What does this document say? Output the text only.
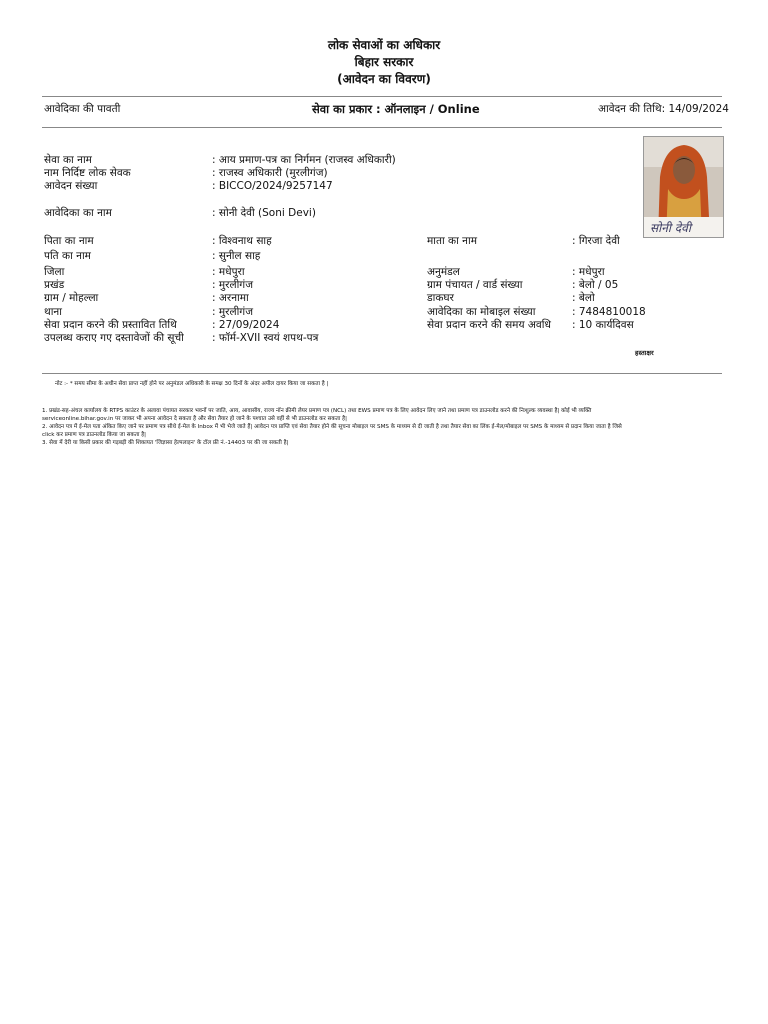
लोक सेवाओं का अधिकार
बिहार सरकार
(आवेदन का विवरण)
आवेदिका की पावती	सेवा का प्रकार : ऑनलाइन / Online	आवेदन की तिथि: 14/09/2024
सोनी देवी
सेवा का नाम	: आय प्रमाण-पत्र का निर्गमन (राजस्व अधिकारी)
नाम निर्दिष्ट लोक सेवक	: राजस्व अधिकारी (मुरलीगंज)
आवेदन संख्या	: BICCO/2024/9257147
आवेदिका का नाम	: सोनी देवी (Soni Devi)
पिता का नाम	: विश्वनाथ साह	माता का नाम	: गिरजा देवी
पति का नाम	: सुनील साह
जिला	: मधेपुरा	अनुमंडल	: मधेपुरा
प्रखंड	: मुरलीगंज	ग्राम पंचायत / वार्ड संख्या	: बेलो / 05
ग्राम / मोहल्ला	: अरनामा	डाकघर	: बेलो
थाना	: मुरलीगंज	आवेदिका का मोबाइल संख्या	: 7484810018
सेवा प्रदान करने की प्रस्तावित तिथि	: 27/09/2024	सेवा प्रदान करने की समय अवधि : 10 कार्यदिवस
उपलब्ध कराए गए दस्तावेजों की सूची	: फॉर्म-XVII स्वयं शपथ-पत्र
हस्ताक्षर
नोट :- * समय सीमा के अधीन सेवा प्राप्त नहीं होने पर अनुमंडल अधिकारी के समक्ष 30 दिनों के अंदर अपील दायर किया जा सकता है |
1. प्रखंड-सह-अंचल कार्यालय के RTPS काउंटर के अलावा पंचायत सरकार भवनों पर जाति, आय, आवासीय, राज्य नॉन क्रीमी लेयर प्रमाण पत्र (NCL) तथा EWS प्रमाण पत्र के लिए आवेदन लिए जाने तथा प्रमाण पत्र डाउनलोड करने की निःशुल्क व्यवस्था है| कोई भी व्यक्ति
serviceonline.bihar.gov.in पर जाकर भी अपना आवेदन दे सकता है और सेवा तैयार हो जाने के पश्चात उसे वहीं से भी डाउनलोड कर सकता है|
2. आवेदन पत्र में ई-मेल पता अंकित किए जाने पर प्रमाण पत्र सीधे ई-मेल के Inbox में भी भेजे जाते हैं| आवेदन पत्र प्राप्ति एवं सेवा तैयार होने की सूचना मोबाइल पर SMS के माध्यम से दी जाती है तथा तैयार सेवा का लिंक ई-मेल/मोबाइल पर SMS के माध्यम से प्रदान किया जाता है जिसे
click कर प्रमाण पत्र डाउनलोड किया जा सकता है|
3. सेवा में देरी या किसी प्रकार की गड़बड़ी की शिकायत 'जिज्ञासा हेल्पलाइन' के टॉल फ्री नं.-14403 पर की जा सकती है|
